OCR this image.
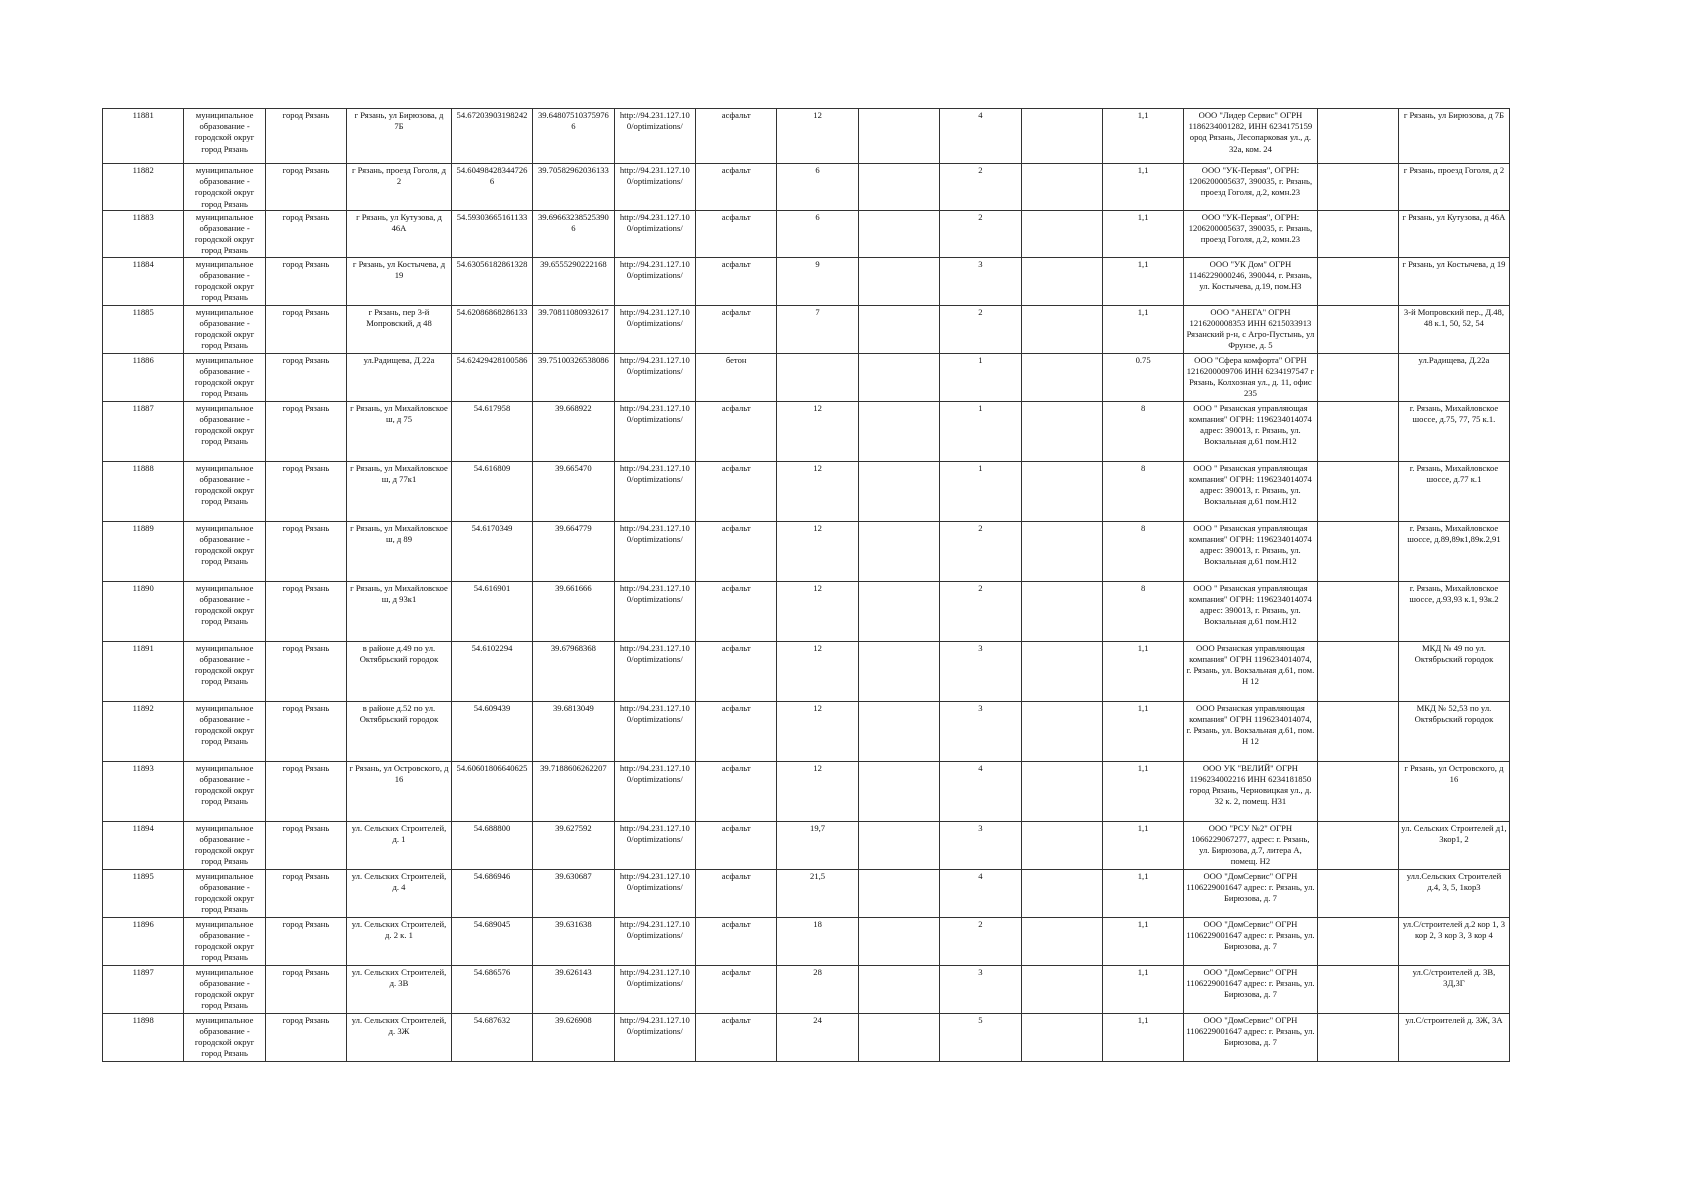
11881	муниципальное образование - городской округ город Рязань	город Рязань	г Рязань, ул Бирюзова, д 7Б	54.67203903198242	39.64807510375976 6	http://94.231.127.10 0/optimizations/	асфальт	12		4		1,1	ООО "Лидер Сервис" ОГРН 1186234001282, ИНН 6234175159 ород Рязань, Лесопарковая ул., д. 32а, ком. 24		г Рязань, ул Бирюзова, д 7Б
11882	муниципальное образование - городской округ город Рязань	город Рязань	г Рязань, проезд Гоголя, д 2	54.60498428344726 6	39.70582962036133	http://94.231.127.10 0/optimizations/	асфальт	6		2		1,1	ООО "УК-Первая", ОГРН: 1206200005637, 390035, г. Рязань, проезд Гоголя, д.2, комн.23		г Рязань, проезд Гоголя, д 2
11883	муниципальное образование - городской округ город Рязань	город Рязань	г Рязань, ул Кутузова, д 46А	54.59303665161133	39.69663238525390 6	http://94.231.127.10 0/optimizations/	асфальт	6		2		1,1	ООО "УК-Первая", ОГРН: 1206200005637, 390035, г. Рязань, проезд Гоголя, д.2, комн.23		г Рязань, ул Кутузова, д 46А
11884	муниципальное образование - городской округ город Рязань	город Рязань	г Рязань, ул Костычева, д 19	54.63056182861328	39.6555290222168	http://94.231.127.10 0/optimizations/	асфальт	9		3		1,1	ООО "УК Дом" ОГРН 1146229000246, 390044, г. Рязань, ул. Костычева, д.19, пом.Н3		г Рязань, ул Костычева, д 19
11885	муниципальное образование - городской округ город Рязань	город Рязань	г Рязань, пер 3-й Мопровский, д 48	54.62086868286133	39.70811080932617	http://94.231.127.10 0/optimizations/	асфальт	7		2		1,1	ООО "АНЕГА" ОГРН 1216200008353 ИНН 6215033913 Рязанский р-н, с Агро-Пустынь, ул Фрунзе, д. 5		3-й Мопровский пер., Д.48, 48 к.1, 50, 52, 54
11886	муниципальное образование - городской округ город Рязань	город Рязань	ул.Радищева, Д.22а	54.62429428100586	39.75100326538086	http://94.231.127.10 0/optimizations/	бетон			1		0.75	ООО "Сфера комфорта" ОГРН 1216200009706 ИНН 6234197547 г Рязань, Колхозная ул., д. 11, офис 235		ул.Радищева, Д.22а
11887	муниципальное образование - городской округ город Рязань	город Рязань	г Рязань, ул Михайловское ш, д 75	54.617958	39.668922	http://94.231.127.10 0/optimizations/	асфальт	12		1		8	ООО " Рязанская управляющая компания" ОГРН: 1196234014074 адрес: 390013, г. Рязань, ул. Вокзальная д.61 пом.Н12		г. Рязань, Михайловское шоссе, д.75, 77, 75 к.1.
11888	муниципальное образование - городской округ город Рязань	город Рязань	г Рязань, ул Михайловское ш, д 77к1	54.616809	39.665470	http://94.231.127.10 0/optimizations/	асфальт	12		1		8	ООО " Рязанская управляющая компания" ОГРН: 1196234014074 адрес: 390013, г. Рязань, ул. Вокзальная д.61 пом.Н12		г. Рязань, Михайловское шоссе, д.77 к.1
11889	муниципальное образование - городской округ город Рязань	город Рязань	г Рязань, ул Михайловское ш, д 89	54.6170349	39.664779	http://94.231.127.10 0/optimizations/	асфальт	12		2		8	ООО " Рязанская управляющая компания" ОГРН: 1196234014074 адрес: 390013, г. Рязань, ул. Вокзальная д.61 пом.Н12		г. Рязань, Михайловское шоссе, д.89,89к1,89к.2,91
11890	муниципальное образование - городской округ город Рязань	город Рязань	г Рязань, ул Михайловское ш, д 93к1	54.616901	39.661666	http://94.231.127.10 0/optimizations/	асфальт	12		2		8	ООО " Рязанская управляющая компания" ОГРН: 1196234014074 адрес: 390013, г. Рязань, ул. Вокзальная д.61 пом.Н12		г. Рязань, Михайловское шоссе, д.93,93 к.1, 93к.2
11891	муниципальное образование - городской округ город Рязань	город Рязань	в районе д.49 по ул. Октябрьский городок	54.6102294	39.67968368	http://94.231.127.10 0/optimizations/	асфальт	12		3		1,1	ООО Рязанская управляющая компания" ОГРН 1196234014074, г. Рязань, ул. Вокзальная д.61, пом. Н 12		МКД № 49 по ул. Октябрьский городок
11892	муниципальное образование - городской округ город Рязань	город Рязань	в районе д.52 по ул. Октябрьский городок	54.609439	39.6813049	http://94.231.127.10 0/optimizations/	асфальт	12		3		1,1	ООО Рязанская управляющая компания" ОГРН 1196234014074, г. Рязань, ул. Вокзальная д.61, пом. Н 12		МКД № 52,53 по ул. Октябрьский городок
11893	муниципальное образование - городской округ город Рязань	город Рязань	г Рязань, ул Островского, д 16	54.60601806640625	39.7188606262207	http://94.231.127.10 0/optimizations/	асфальт	12		4		1,1	ООО УК "ВЕЛИЙ" ОГРН 1196234002216 ИНН 6234181850 город Рязань, Черновицкая ул., д. 32 к. 2, помещ. Н31		г Рязань, ул Островского, д 16
11894	муниципальное образование - городской округ город Рязань	город Рязань	ул. Сельских Строителей, д. 1	54.688800	39.627592	http://94.231.127.10 0/optimizations/	асфальт	19,7		3		1,1	ООО "РСУ №2" ОГРН 1066229067277, адрес: г. Рязань, ул. Бирюзова, д.7, литера А, помещ. Н2		ул. Сельских Строителей д1, 3кор1, 2
11895	муниципальное образование - городской округ город Рязань	город Рязань	ул. Сельских Строителей, д. 4	54.686946	39.630687	http://94.231.127.10 0/optimizations/	асфальт	21,5		4		1,1	ООО "ДомСервис" ОГРН 1106229001647 адрес: г. Рязань, ул. Бирюзова, д. 7		улл.Сельских Строителей д.4, 3, 5, 1кор3
11896	муниципальное образование - городской округ город Рязань	город Рязань	ул. Сельских Строителей, д. 2 к. 1	54.689045	39.631638	http://94.231.127.10 0/optimizations/	асфальт	18		2		1,1	ООО "ДомСервис" ОГРН 1106229001647 адрес: г. Рязань, ул. Бирюзова, д. 7		ул.С/строителей д.2 кор 1, 3 кор 2, 3 кор 3, 3 кор 4
11897	муниципальное образование - городской округ город Рязань	город Рязань	ул. Сельских Строителей, д. 3В	54.686576	39.626143	http://94.231.127.10 0/optimizations/	асфальт	28		3		1,1	ООО "ДомСервис" ОГРН 1106229001647 адрес: г. Рязань, ул. Бирюзова, д. 7		ул.С/строителей д. 3В, 3Д,3Г
11898	муниципальное образование - городской округ город Рязань	город Рязань	ул. Сельских Строителей, д. 3Ж	54.687632	39.626908	http://94.231.127.10 0/optimizations/	асфальт	24		5		1,1	ООО "ДомСервис" ОГРН 1106229001647 адрес: г. Рязань, ул. Бирюзова, д. 7		ул.С/строителей д. 3Ж, 3А
